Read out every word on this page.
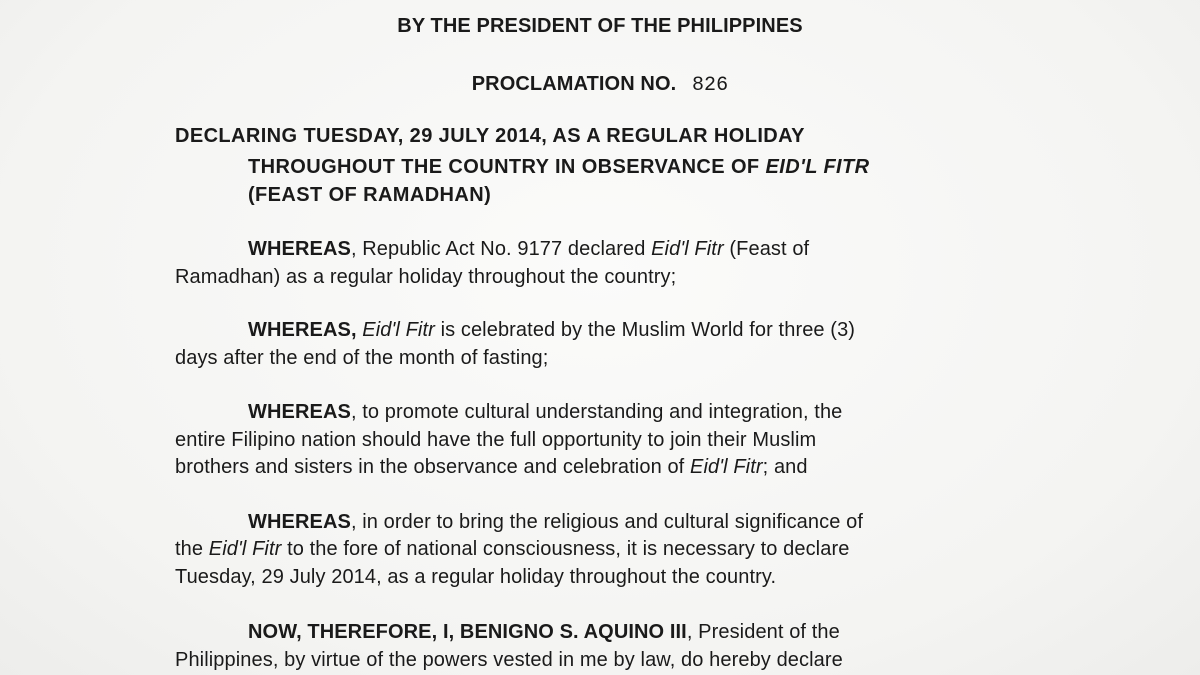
BY THE PRESIDENT OF THE PHILIPPINES
PROCLAMATION NO. 826
DECLARING TUESDAY, 29 JULY 2014, AS A REGULAR HOLIDAY
THROUGHOUT THE COUNTRY IN OBSERVANCE OF EID'L FITR
(FEAST OF RAMADHAN)
WHEREAS, Republic Act No. 9177 declared Eid'l Fitr (Feast of
Ramadhan) as a regular holiday throughout the country;
WHEREAS, Eid'l Fitr is celebrated by the Muslim World for three (3)
days after the end of the month of fasting;
WHEREAS, to promote cultural understanding and integration, the
entire Filipino nation should have the full opportunity to join their Muslim
brothers and sisters in the observance and celebration of Eid'l Fitr; and
WHEREAS, in order to bring the religious and cultural significance of
the Eid'l Fitr to the fore of national consciousness, it is necessary to declare
Tuesday, 29 July 2014, as a regular holiday throughout the country.
NOW, THEREFORE, I, BENIGNO S. AQUINO III, President of the
Philippines, by virtue of the powers vested in me by law, do hereby declare
